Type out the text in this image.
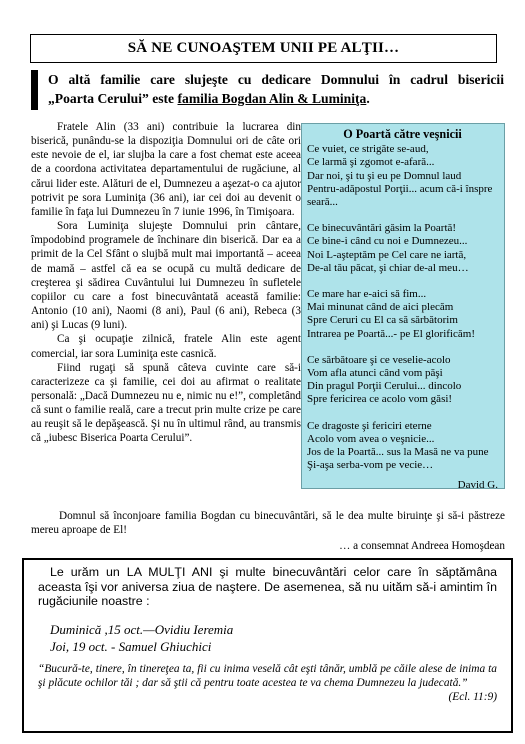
SĂ NE CUNOAŞTEM UNII PE ALŢII…
O altă familie care slujeşte cu dedicare Domnului în cadrul bisericii
„Poarta Cerului” este familia Bogdan Alin & Luminiţa.

Fratele Alin (33 ani) contribuie la lucrarea din biserică, punându-se la dispoziţia Domnului ori de câte ori este nevoie de el, iar slujba la care a fost chemat este aceea de a coordona activitatea departamentului de rugăciune, al cărui lider este. Alături de el, Dumnezeu a aşezat-o ca ajutor potrivit pe sora Luminiţa (36 ani), iar cei doi au devenit o familie în faţa lui Dumnezeu în 7 iunie 1996, în Timişoara.

Sora Luminiţa slujeşte Domnului prin cântare, împodobind programele de închinare din biserică. Dar ea a primit de la Cel Sfânt o slujbă mult mai importantă – aceea de mamă – astfel că ea se ocupă cu multă dedicare de creşterea şi sădirea Cuvântului lui Dumnezeu în sufletele copiilor cu care a fost binecuvântată această familie: Antonio (10 ani), Naomi (8 ani), Paul (6 ani), Rebeca (3 ani) şi Lucas (9 luni).

Ca şi ocupaţie zilnică, fratele Alin este agent comercial, iar sora Luminiţa este casnică.

Fiind rugaţi să spună câteva cuvinte care să-i caracterizeze ca şi familie, cei doi au afirmat o realitate personală: „Dacă Dumnezeu nu e, nimic nu e!”, completând că sunt o familie reală, care a trecut prin multe crize pe care au reuşit să le depăşească. Şi nu în ultimul rând, au transmis că „iubesc Biserica Poarta Cerului”.

O Poartă către veşnicii
Ce vuiet, ce strigăte se-aud,
Ce larmă şi zgomot e-afară...
Dar noi, şi tu şi eu pe Domnul laud
Pentru-adăpostul Porţii... acum că-i înspre seară...
Ce binecuvântări găsim la Poartă!
Ce bine-i când cu noi e Dumnezeu...
Noi L-aşteptăm pe Cel care ne iartă,
De-al tău păcat, şi chiar de-al meu…
Ce mare har e-aici să fim...
Mai minunat când de aici plecăm
Spre Ceruri cu El ca să sărbătorim
Intrarea pe Poartă...- pe El glorificăm!
Ce sărbătoare şi ce veselie-acolo
Vom afla atunci când vom păşi
Din pragul Porţii Cerului... dincolo
Spre fericirea ce acolo vom găsi!
Ce dragoste şi fericiri eterne
Acolo vom avea o veşnicie...
Jos de la Poartă... sus la Masă ne va pune
Şi-aşa serba-vom pe vecie…
David G.

Domnul să înconjoare familia Bogdan cu binecuvântări, să le dea multe biruinţe şi să-i păstreze mereu aproape de El!

… a consemnat Andreea Homoşdean
Le urăm un LA MULŢI ANI şi multe binecuvântări celor care în săptămâna aceasta îşi vor aniversa ziua de naştere. De asemenea, să nu uităm să-i amintim în rugăciunile noastre :
Duminică ,15 oct.—Ovidiu Ieremia
Joi, 19 oct. - Samuel Ghiuchici
“Bucură-te, tinere, în tinereţea ta, fii cu inima veselă cât eşti tânăr, umblă pe căile alese de inima ta şi plăcute ochilor tăi ; dar să ştii că pentru toate acestea te va chema Dumnezeu la judecată.”
(Ecl. 11:9)
